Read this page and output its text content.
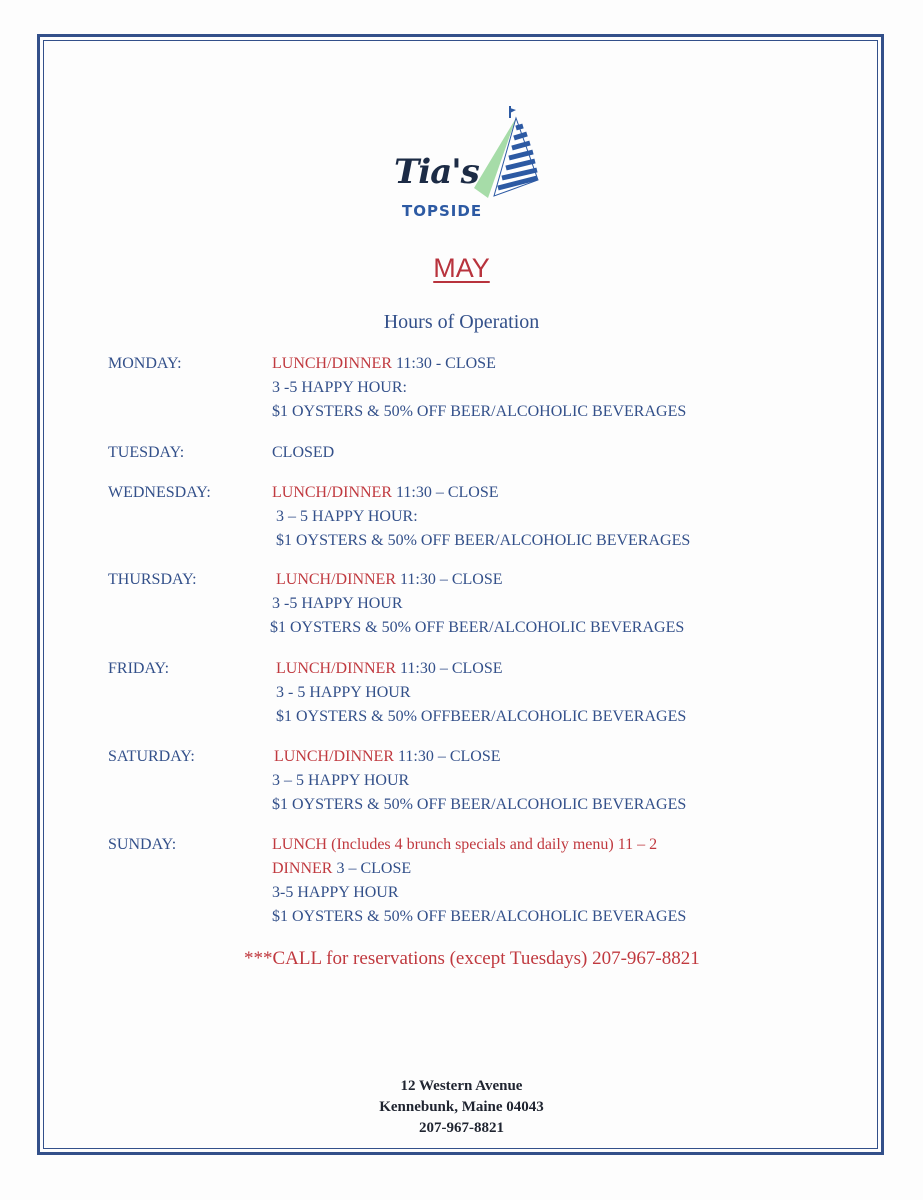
Tia's
TOPSIDE
MAY
Hours of Operation
MONDAY:	LUNCH/DINNER 11:30 - CLOSE
3 -5 HAPPY HOUR:
$1 OYSTERS & 50% OFF BEER/ALCOHOLIC BEVERAGES
TUESDAY:	CLOSED
WEDNESDAY:	LUNCH/DINNER 11:30 – CLOSE
3 – 5 HAPPY HOUR:
$1 OYSTERS & 50% OFF BEER/ALCOHOLIC BEVERAGES
THURSDAY:	LUNCH/DINNER 11:30 – CLOSE
3 -5 HAPPY HOUR
$1 OYSTERS & 50% OFF BEER/ALCOHOLIC BEVERAGES
FRIDAY:	LUNCH/DINNER 11:30 – CLOSE
3 - 5 HAPPY HOUR
$1 OYSTERS & 50% OFFBEER/ALCOHOLIC BEVERAGES
SATURDAY:	LUNCH/DINNER 11:30 – CLOSE
3 – 5 HAPPY HOUR
$1 OYSTERS & 50% OFF BEER/ALCOHOLIC BEVERAGES
SUNDAY:	LUNCH (Includes 4 brunch specials and daily menu) 11 – 2
DINNER 3 – CLOSE
3-5 HAPPY HOUR
$1 OYSTERS & 50% OFF BEER/ALCOHOLIC BEVERAGES
***CALL for reservations (except Tuesdays) 207-967-8821
12 Western Avenue
Kennebunk, Maine 04043
207-967-8821
